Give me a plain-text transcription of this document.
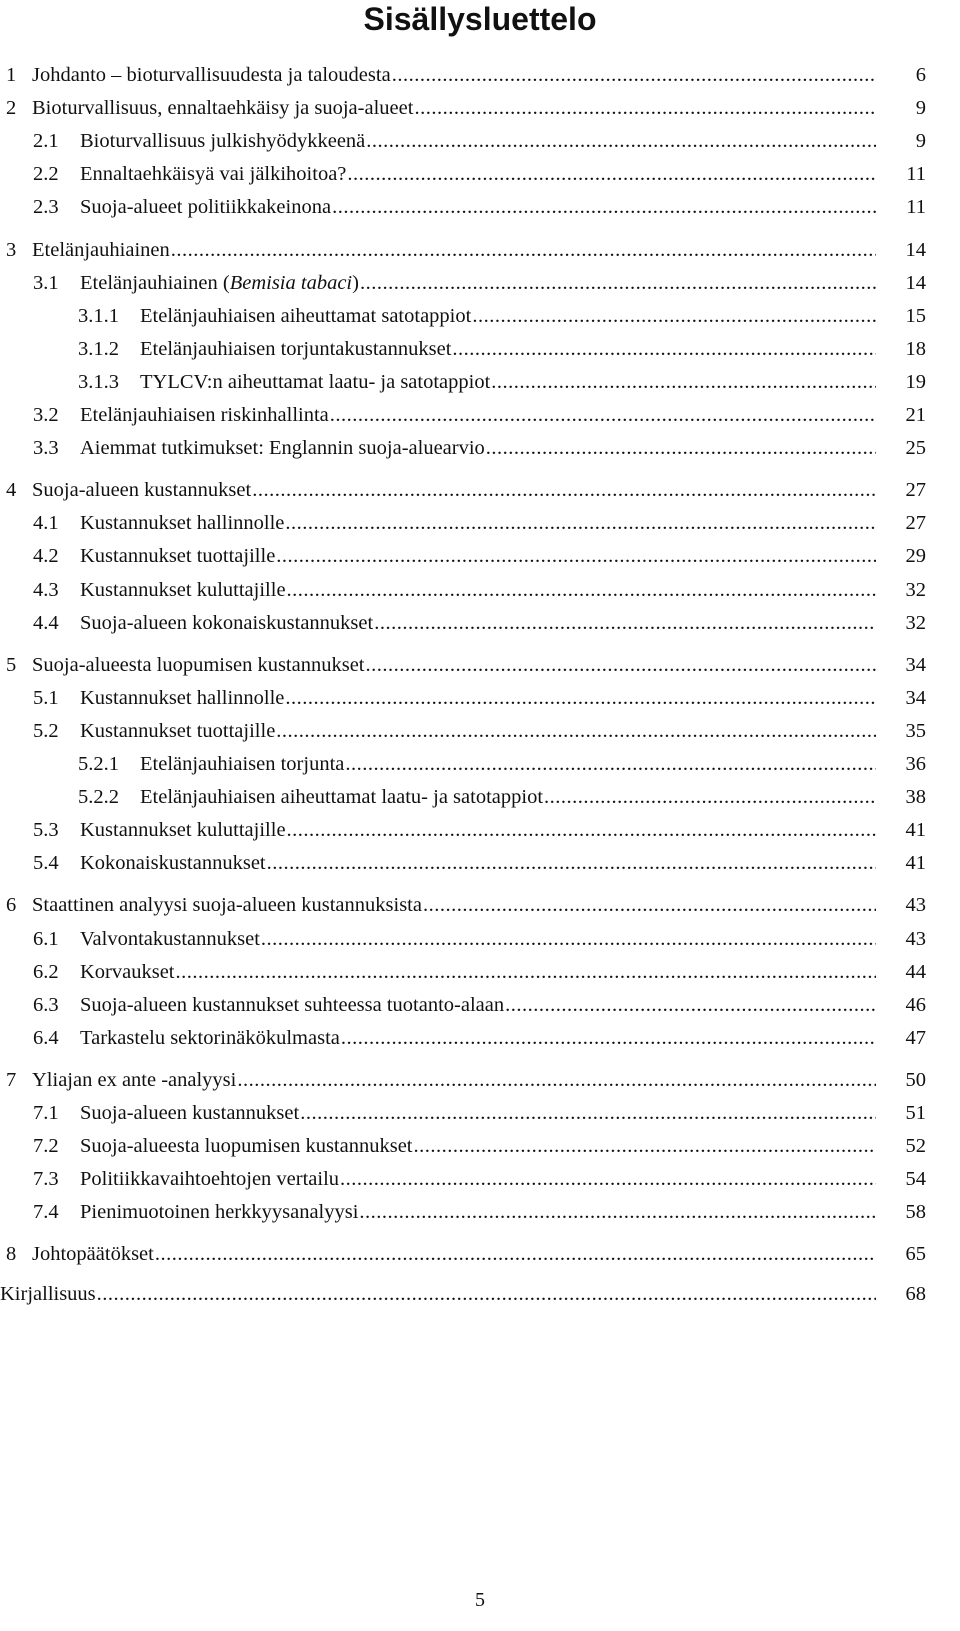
Sisällysluettelo
1 Johdanto – bioturvallisuudesta ja taloudesta .....	6
2 Bioturvallisuus, ennaltaehkäisy ja suoja-alueet .....	9
2.1	Bioturvallisuus julkishyödykkeenä .....	9
2.2	Ennaltaehkäisyä vai jälkihoitoa? .....	11
2.3	Suoja-alueet politiikkakeinona .....	11
3 Etelänjauhiainen .....	14
3.1	Etelänjauhiainen (Bemisia tabaci) .....	14
3.1.1	Etelänjauhiaisen aiheuttamat satotappiot .....	15
3.1.2	Etelänjauhiaisen torjuntakustannukset .....	18
3.1.3	TYLCV:n aiheuttamat laatu- ja satotappiot .....	19
3.2	Etelänjauhiaisen riskinhallinta .....	21
3.3	Aiemmat tutkimukset: Englannin suoja-aluearvio .....	25
4 Suoja-alueen kustannukset .....	27
4.1	Kustannukset hallinnolle .....	27
4.2	Kustannukset tuottajille .....	29
4.3	Kustannukset kuluttajille .....	32
4.4	Suoja-alueen kokonaiskustannukset .....	32
5 Suoja-alueesta luopumisen kustannukset .....	34
5.1	Kustannukset hallinnolle .....	34
5.2	Kustannukset tuottajille .....	35
5.2.1	Etelänjauhiaisen torjunta .....	36
5.2.2	Etelänjauhiaisen aiheuttamat laatu- ja satotappiot .....	38
5.3	Kustannukset kuluttajille .....	41
5.4	Kokonaiskustannukset .....	41
6 Staattinen analyysi suoja-alueen kustannuksista .....	43
6.1	Valvontakustannukset .....	43
6.2	Korvaukset .....	44
6.3	Suoja-alueen kustannukset suhteessa tuotanto-alaan .....	46
6.4	Tarkastelu sektorinäkökulmasta .....	47
7 Yliajan ex ante -analyysi .....	50
7.1	Suoja-alueen kustannukset .....	51
7.2	Suoja-alueesta luopumisen kustannukset .....	52
7.3	Politiikkavaihtoehtojen vertailu .....	54
7.4	Pienimuotoinen herkkyysanalyysi .....	58
8 Johtopäätökset .....	65
Kirjallisuus .....	68
5
